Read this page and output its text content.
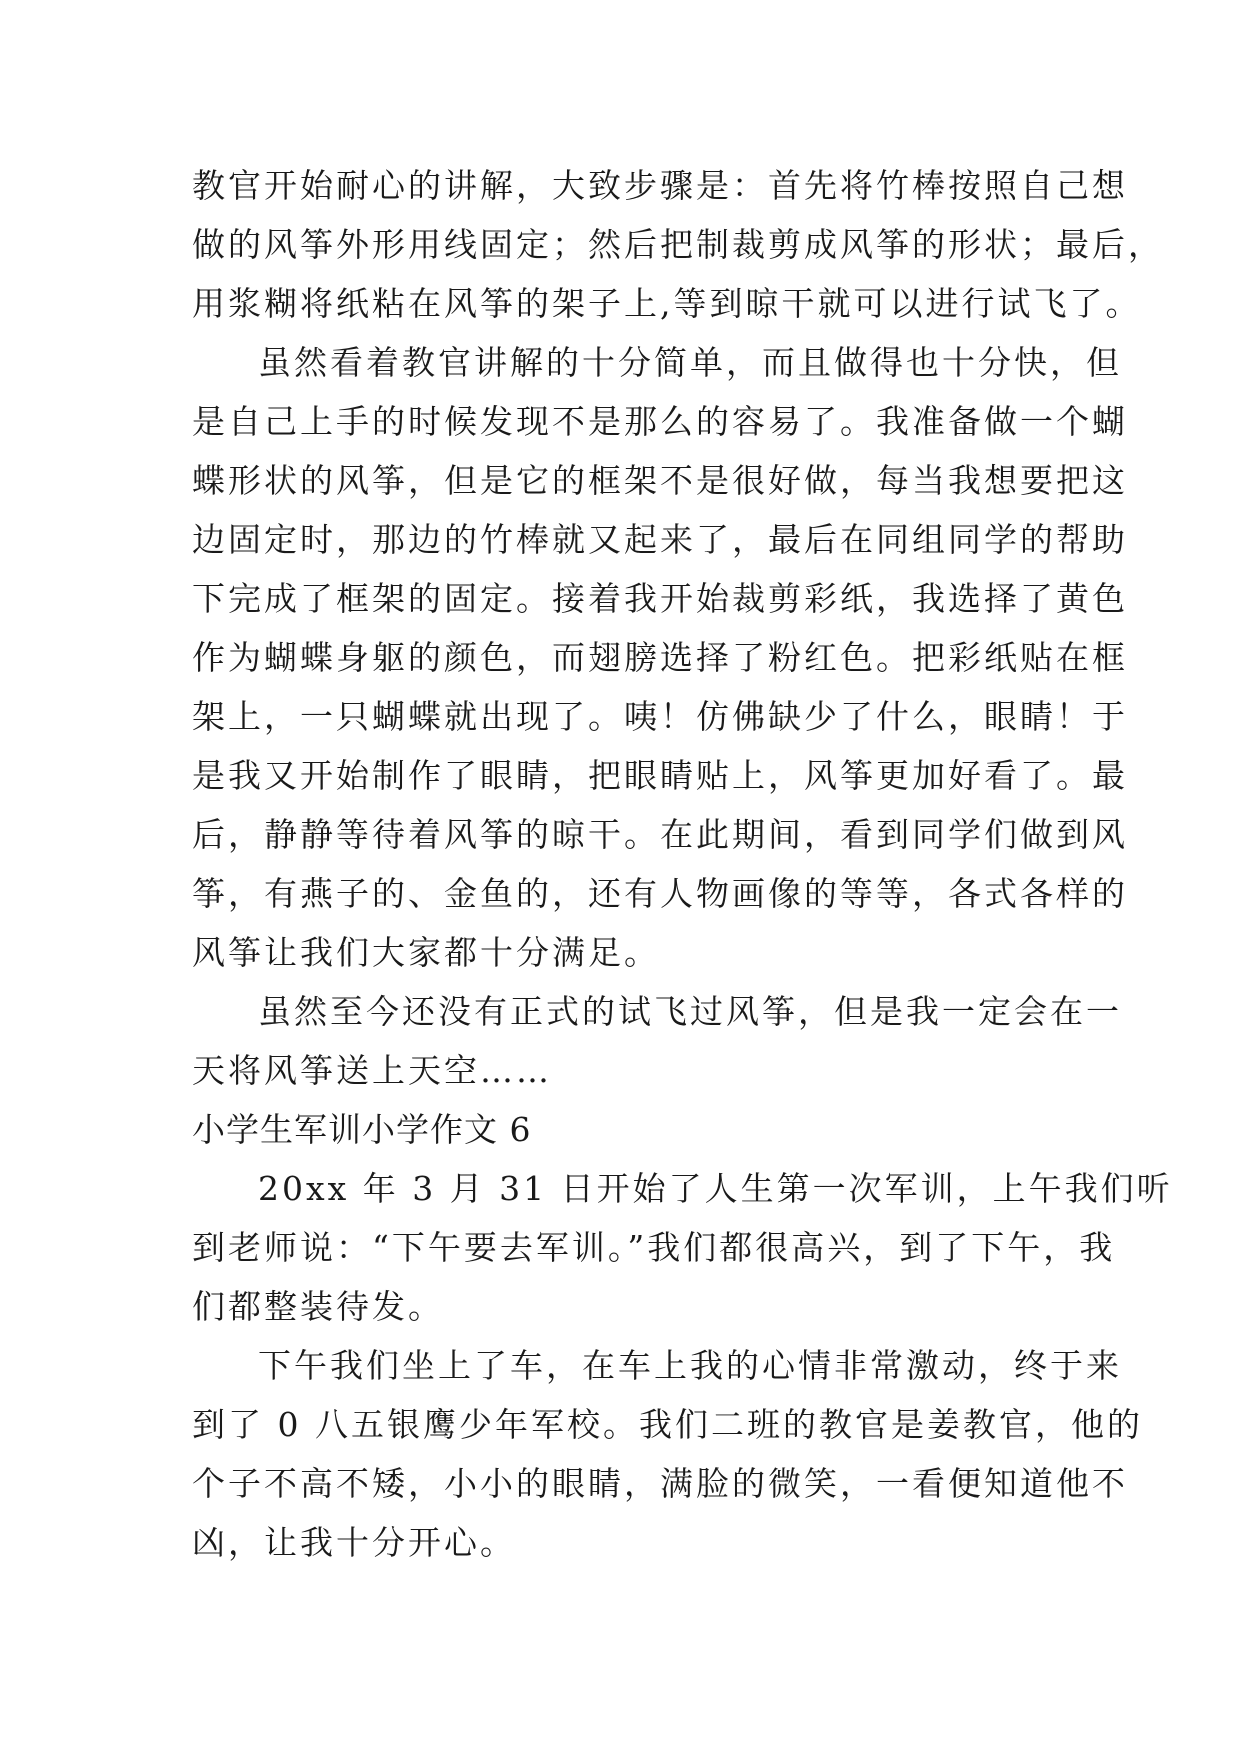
教官开始耐心的讲解，大致步骤是：首先将竹棒按照自己想
做的风筝外形用线固定；然后把制裁剪成风筝的形状；最后，
用浆糊将纸粘在风筝的架子上,等到晾干就可以进行试飞了。
虽然看着教官讲解的十分简单，而且做得也十分快，但
是自己上手的时候发现不是那么的容易了。我准备做一个蝴
蝶形状的风筝，但是它的框架不是很好做，每当我想要把这
边固定时，那边的竹棒就又起来了，最后在同组同学的帮助
下完成了框架的固定。接着我开始裁剪彩纸，我选择了黄色
作为蝴蝶身躯的颜色，而翅膀选择了粉红色。把彩纸贴在框
架上，一只蝴蝶就出现了。咦！仿佛缺少了什么，眼睛！于
是我又开始制作了眼睛，把眼睛贴上，风筝更加好看了。最
后，静静等待着风筝的晾干。在此期间，看到同学们做到风
筝，有燕子的、金鱼的，还有人物画像的等等，各式各样的
风筝让我们大家都十分满足。
虽然至今还没有正式的试飞过风筝，但是我一定会在一
天将风筝送上天空……
小学生军训小学作文 6
20xx 年 3 月 31 日开始了人生第一次军训，上午我们听
到老师说：“下午要去军训。”我们都很高兴，到了下午，我
们都整装待发。
下午我们坐上了车，在车上我的心情非常激动，终于来
到了 0 八五银鹰少年军校。我们二班的教官是姜教官，他的
个子不高不矮，小小的眼睛，满脸的微笑，一看便知道他不
凶，让我十分开心。
